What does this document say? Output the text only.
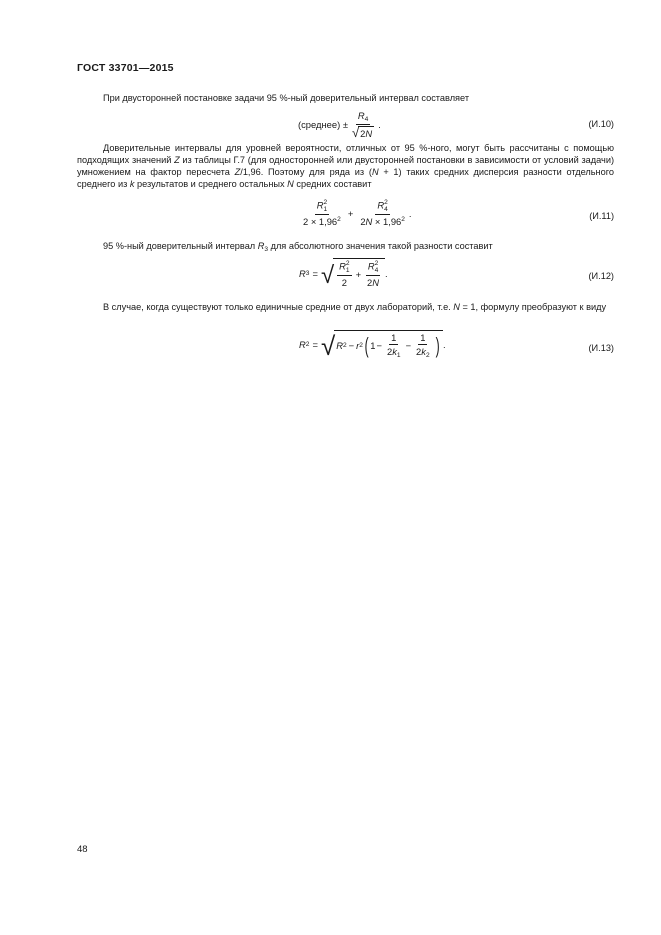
ГОСТ 33701—2015
При двусторонней постановке задачи 95 %-ный доверительный интервал составляет
(среднее) ± $\frac{R_4}{√ 2 N}$ .	(И.10)
Доверительные интервалы для уровней вероятности, отличных от 95 %-ного, могут быть рассчитаны с помощью подходящих значений Z из таблицы Г.7 (для односторонней или двусторонней постановки в зависимости от условий задачи) умножением на фактор пересчета Z/1,96. Поэтому для ряда из (N + 1) таких средних дисперсия разности отдельного среднего из k результатов и среднего остальных N средних составит
R 2
1
$2 \times 1,96^2 + R$ 2
4
$2N \times 1,96^2$ .	(И.11)
95 %-ный доверительный интервал $R_3$ для абсолютного значения такой разности составит
R 3 = √ R 2
1
2 + R 2
4
2N .	(И.12)
В случае, когда существуют только единичные средние от двух лабораторий, т.е. N = 1, формулу преобразуют к виду
R 2 = √ R 2 − r 2 ( $1 - \frac{1}{2k_1} - \frac{1}{2k_2}$ ) .	(И.13)
48
